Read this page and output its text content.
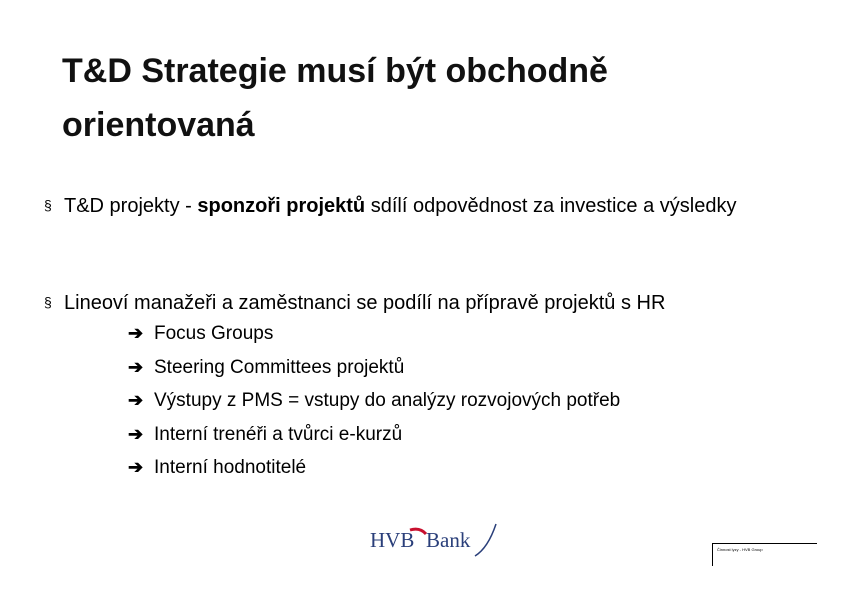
T&D Strategie musí být obchodně orientovaná
§ T&D projekty - sponzoři projektů sdílí odpovědnost za investice a výsledky
§ Lineoví manažeři a zaměstnanci se podílí na přípravě projektů s HR
➔ Focus Groups
➔ Steering Committees projektů
➔ Výstupy z PMS = vstupy do analýzy rozvojových potřeb
➔ Interní trenéři a tvůrci e-kurzů
➔ Interní hodnotitelé
HVB Bank	Činnost lyzy - HVB Group
